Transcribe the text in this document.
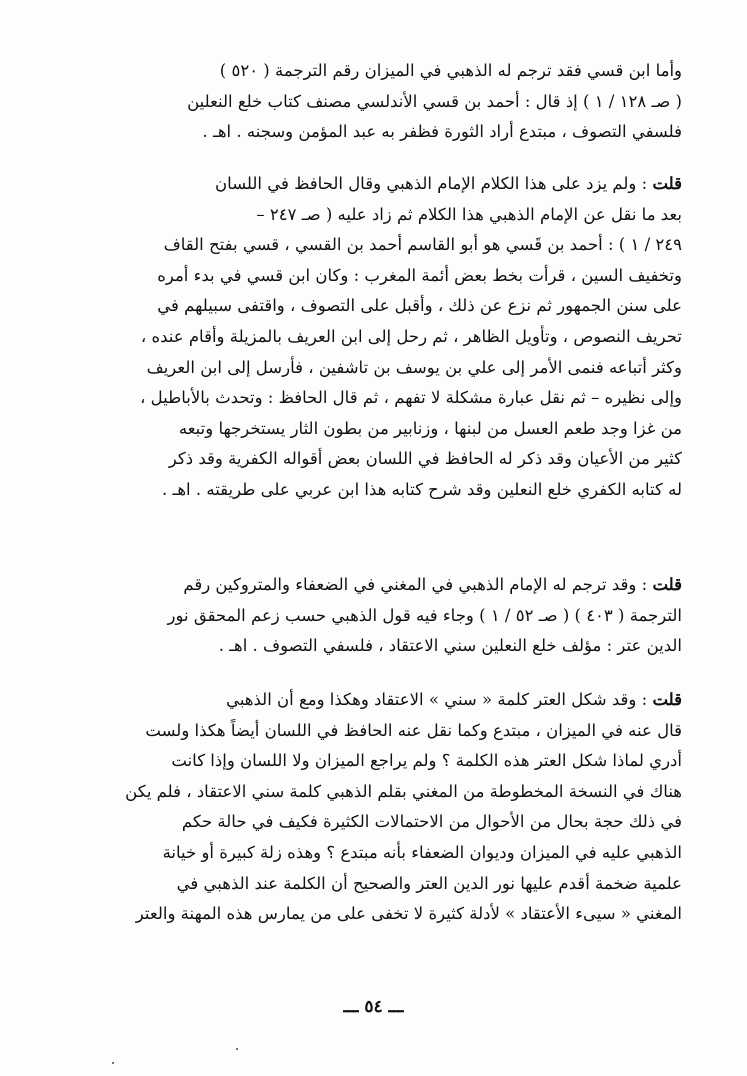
وأما ابن قسي فقد ترجم له الذهبي في الميزان رقم الترجمة ( ٥٢٠ )
( صـ ١٢٨ / ١ ) إذ قال : أحمد بن قسي الأندلسي مصنف كتاب خلع النعلين
فلسفي التصوف ، مبتدع أراد الثورة فظفر به عبد المؤمن وسجنه . اهـ .
قلت : ولم يزد على هذا الكلام الإمام الذهبي وقال الحافظ في اللسان
بعد ما نقل عن الإمام الذهبي هذا الكلام ثم زاد عليه ( صـ ٢٤٧ –
٢٤٩ / ١ ) : أحمد بن قَسي هو أبو القاسم أحمد بن القسي ، قسي بفتح القاف
وتخفيف السين ، قرأت بخط بعض أئمة المغرب : وكان ابن قسي في بدء أمره
على سنن الجمهور ثم نزع عن ذلك ، وأقبل على التصوف ، واقتفى سبيلهم في
تحريف النصوص ، وتأويل الظاهر ، ثم رحل إلى ابن العريف بالمزيلة وأقام عنده ،
وكثر أتباعه فنمى الأمر إلى علي بن يوسف بن تاشفين ، فأرسل إلى ابن العريف
وإلى نظيره – ثم نقل عبارة مشكلة لا تفهم ، ثم قال الحافظ : وتحدث بالأباطيل ،
من غزا وجد طعم العسل من لبنها ، وزنابير من بطون الثار يستخرجها وتبعه
كثير من الأعيان وقد ذكر له الحافظ في اللسان بعض أقواله الكفرية وقد ذكر
له كتابه الكفري خلع النعلين وقد شرح كتابه هذا ابن عربي على طريقته . اهـ .
قلت : وقد ترجم له الإمام الذهبي في المغني في الضعفاء والمتروكين رقم
الترجمة ( ٤٠٣ ) ( صـ ٥٢ / ١ ) وجاء فيه قول الذهبي حسب زعم المحقق نور
الدين عتر : مؤلف خلع النعلين سني الاعتقاد ، فلسفي التصوف . اهـ .
قلت : وقد شكل العتر كلمة « سني » الاعتقاد وهكذا ومع أن الذهبي
قال عنه في الميزان ، مبتدع وكما نقل عنه الحافظ في اللسان أيضاً هكذا ولست
أدري لماذا شكل العتر هذه الكلمة ؟ ولم يراجع الميزان ولا اللسان وإذا كانت
هناك في النسخة المخطوطة من المغني بقلم الذهبي كلمة سني الاعتقاد ، فلم يكن
في ذلك حجة بحال من الأحوال من الاحتمالات الكثيرة فكيف في حالة حكم
الذهبي عليه في الميزان وديوان الضعفاء بأنه مبتدع ؟ وهذه زلة كبيرة أو خيانة
علمية ضخمة أقدم عليها نور الدين العتر والصحيح أن الكلمة عند الذهبي في
المغني « سيىء الأعتقاد » لأدلة كثيرة لا تخفى على من يمارس هذه المهنة والعتر
ـــ ٥٤ ـــ
